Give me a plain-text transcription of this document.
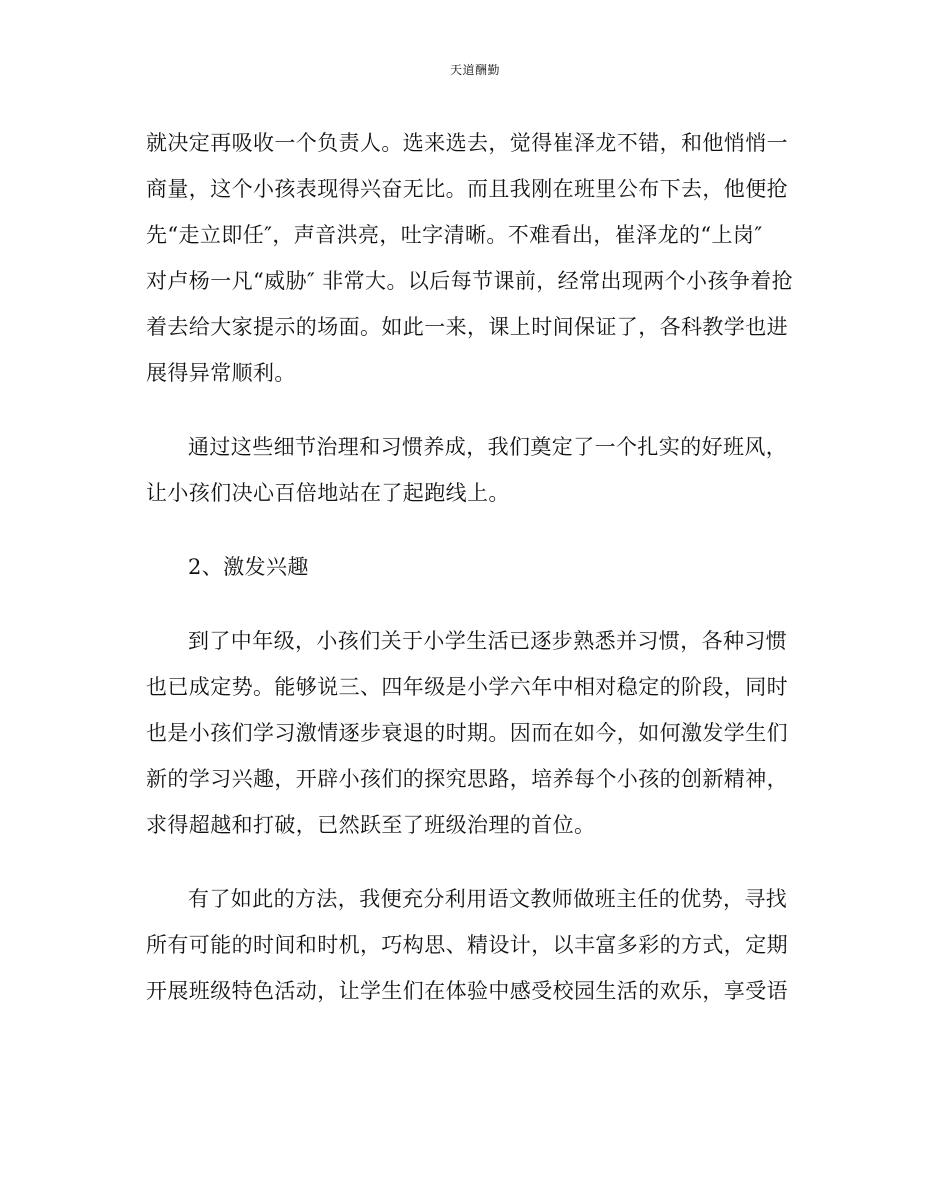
天道酬勤
就决定再吸收一个负责人。选来选去，觉得崔泽龙不错，和他悄悄一
商量，这个小孩表现得兴奋无比。而且我刚在班里公布下去，他便抢
先“走立即任″，声音洪亮，吐字清晰。不难看出，崔泽龙的“上岗″
对卢杨一凡“威胁″ 非常大。以后每节课前，经常出现两个小孩争着抢
着去给大家提示的场面。如此一来，课上时间保证了，各科教学也进
展得异常顺利。
通过这些细节治理和习惯养成，我们奠定了一个扎实的好班风，
让小孩们决心百倍地站在了起跑线上。
2、激发兴趣
到了中年级，小孩们关于小学生活已逐步熟悉并习惯，各种习惯
也已成定势。能够说三、四年级是小学六年中相对稳定的阶段，同时
也是小孩们学习激情逐步衰退的时期。因而在如今，如何激发学生们
新的学习兴趣，开辟小孩们的探究思路，培养每个小孩的创新精神，
求得超越和打破，已然跃至了班级治理的首位。
有了如此的方法，我便充分利用语文教师做班主任的优势，寻找
所有可能的时间和时机，巧构思、精设计，以丰富多彩的方式，定期
开展班级特色活动，让学生们在体验中感受校园生活的欢乐，享受语
